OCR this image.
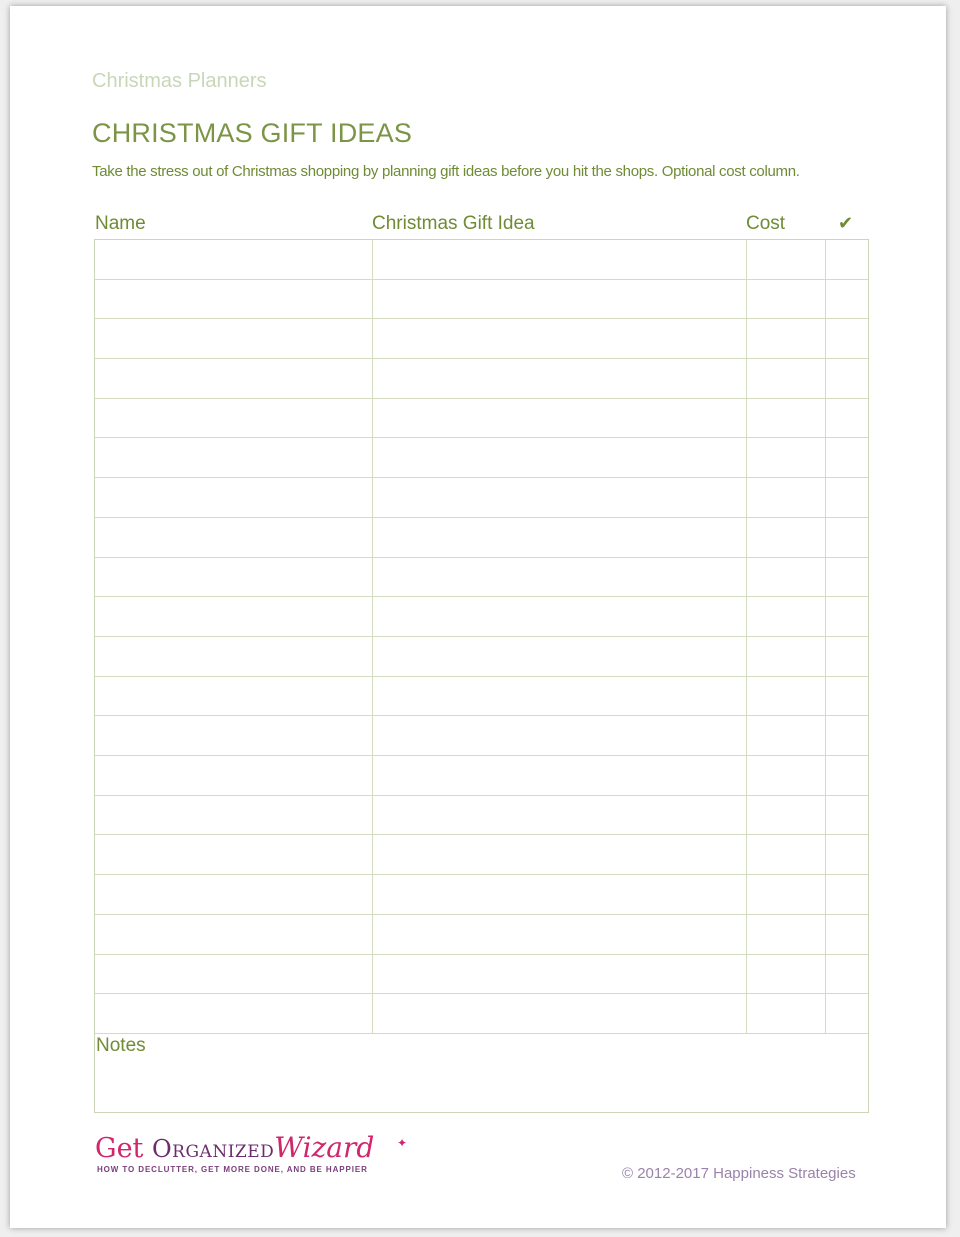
Christmas Planners
CHRISTMAS GIFT IDEAS
Take the stress out of Christmas shopping by planning gift ideas before you hit the shops. Optional cost column.
Name	Christmas Gift Idea	Cost	✔
Notes
Get OrganizedWizard ✦
HOW TO DECLUTTER, GET MORE DONE, AND BE HAPPIER	© 2012-2017 Happiness Strategies
